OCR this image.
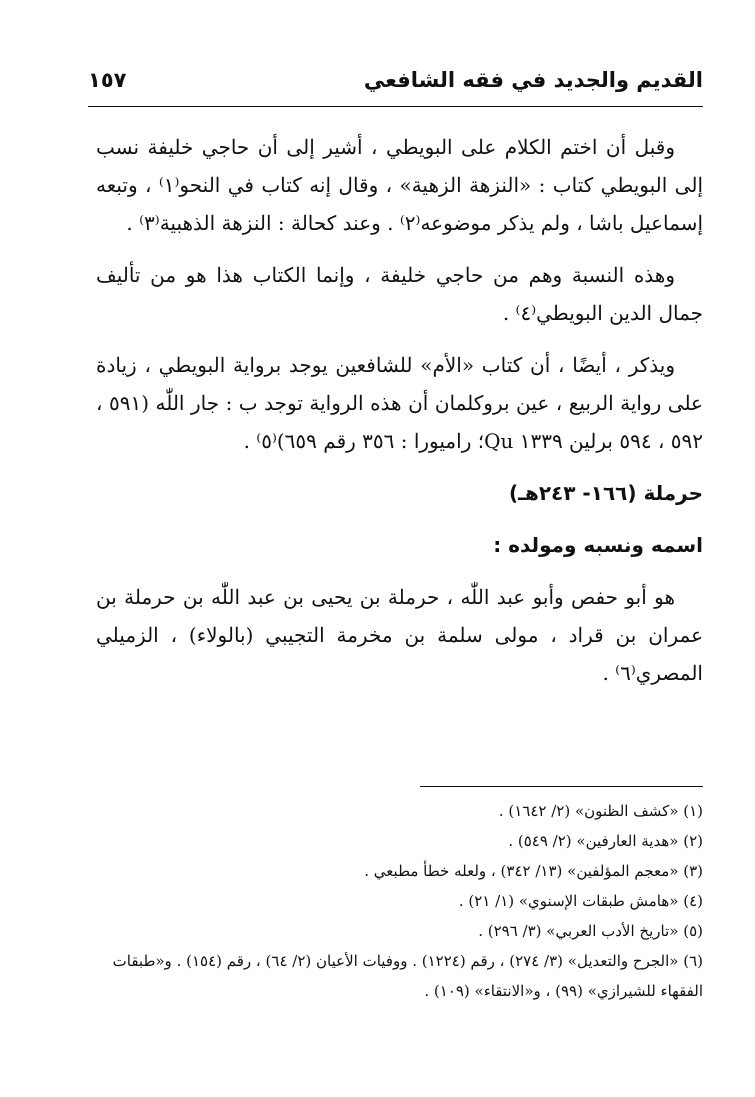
القديم والجديد في فقه الشافعي
١٥٧

وقبل أن اختم الكلام على البويطي ، أشير إلى أن حاجي خليفة نسب إلى البويطي كتاب : «النزهة الزهية» ، وقال إنه كتاب في النحو⁽١⁾ ، وتبعه إسماعيل باشا ، ولم يذكر موضوعه⁽٢⁾ . وعند كحالة : النزهة الذهبية⁽٣⁾ .

وهذه النسبة وهم من حاجي خليفة ، وإنما الكتاب هذا هو من تأليف جمال الدين البويطي⁽٤⁾ .

ويذكر ، أيضًا ، أن كتاب «الأم» للشافعين يوجد برواية البويطي ، زيادة على رواية الربيع ، عين بروكلمان أن هذه الرواية توجد ب : جار اللّٰه (٥٩١ ، ٥٩٢ ، ٥٩٤ برلين ١٣٣٩ Qu؛ راميورا : ٣٥٦ رقم ٦٥٩)⁽٥⁾ .

حرملة (١٦٦- ٢٤٣هـ)

اسمه ونسبه ومولده :

هو أبو حفص وأبو عبد اللّٰه ، حرملة بن يحيى بن عبد اللّٰه بن حرملة بن عمران بن قراد ، مولى سلمة بن مخرمة التجيبي (بالولاء) ، الزميلي المصري⁽٦⁾ .

(١) «كشف الظنون» (٢/ ١٦٤٢) .
(٢) «هدية العارفين» (٢/ ٥٤٩) .
(٣) «معجم المؤلفين» (١٣/ ٣٤٢) ، ولعله خطأ مطبعي .
(٤) «هامش طبقات الإسنوي» (١/ ٢١) .
(٥) «تاريخ الأدب العربي» (٣/ ٢٩٦) .
(٦) «الجرح والتعديل» (٣/ ٢٧٤) ، رقم (١٢٢٤) . ووفيات الأعيان (٢/ ٦٤) ، رقم (١٥٤) . و«طبقات الفقهاء للشيرازي» (٩٩) ، و«الانتقاء» (١٠٩) .
